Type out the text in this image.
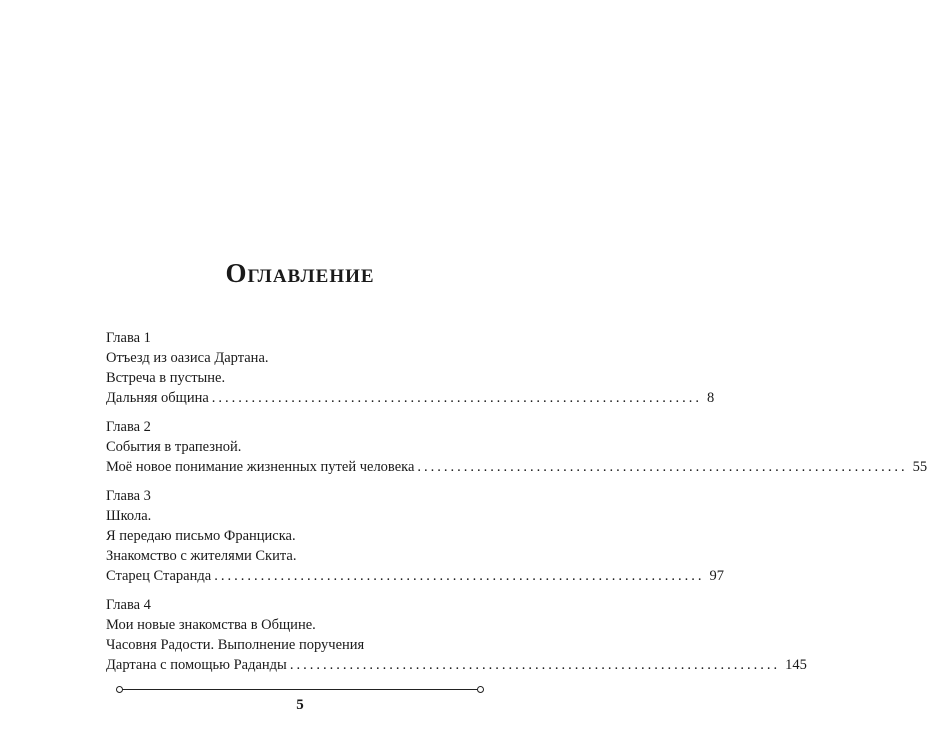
Оглавление
Глава 1
Отъезд из оазиса Дартана.
Встреча в пустыне.
Дальняя община .......................................................................... 8
Глава 2
События в трапезной.
Моё новое понимание жизненных путей человека .......................................................................... 55
Глава 3
Школа.
Я передаю письмо Франциска.
Знакомство с жителями Скита.
Старец Старанда .......................................................................... 97
Глава 4
Мои новые знакомства в Общине.
Часовня Радости. Выполнение поручения
Дартана с помощью Раданды .......................................................................... 145
5
